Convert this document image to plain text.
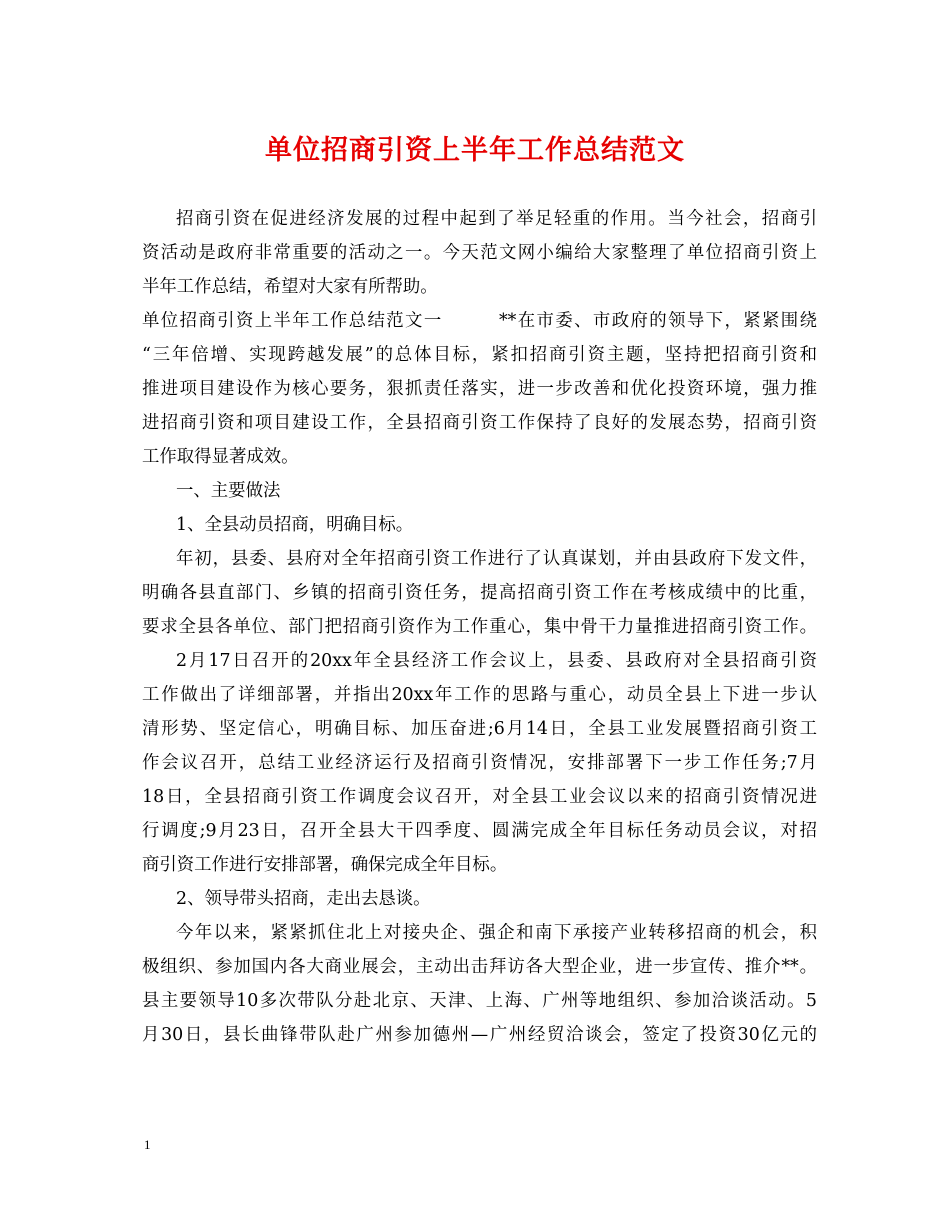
单位招商引资上半年工作总结范文
招商引资在促进经济发展的过程中起到了举足轻重的作用。当今社会，招商引
资活动是政府非常重要的活动之一。今天范文网小编给大家整理了单位招商引资上
半年工作总结，希望对大家有所帮助。
单位招商引资上半年工作总结范文一　　　**在市委、市政府的领导下，紧紧围绕
“三年倍增、实现跨越发展”的总体目标，紧扣招商引资主题，坚持把招商引资和
推进项目建设作为核心要务，狠抓责任落实，进一步改善和优化投资环境，强力推
进招商引资和项目建设工作，全县招商引资工作保持了良好的发展态势，招商引资
工作取得显著成效。
一、主要做法
1、全县动员招商，明确目标。
年初，县委、县府对全年招商引资工作进行了认真谋划，并由县政府下发文件，
明确各县直部门、乡镇的招商引资任务，提高招商引资工作在考核成绩中的比重，
要求全县各单位、部门把招商引资作为工作重心，集中骨干力量推进招商引资工作。
2月17日召开的20xx年全县经济工作会议上，县委、县政府对全县招商引资
工作做出了详细部署，并指出20xx年工作的思路与重心，动员全县上下进一步认
清形势、坚定信心，明确目标、加压奋进;6月14日，全县工业发展暨招商引资工
作会议召开，总结工业经济运行及招商引资情况，安排部署下一步工作任务;7月
18日，全县招商引资工作调度会议召开，对全县工业会议以来的招商引资情况进
行调度;9月23日，召开全县大干四季度、圆满完成全年目标任务动员会议，对招
商引资工作进行安排部署，确保完成全年目标。
2、领导带头招商，走出去恳谈。
今年以来，紧紧抓住北上对接央企、强企和南下承接产业转移招商的机会，积
极组织、参加国内各大商业展会，主动出击拜访各大型企业，进一步宣传、推介**。
县主要领导10多次带队分赴北京、天津、上海、广州等地组织、参加洽谈活动。5
月30日，县长曲锋带队赴广州参加德州—广州经贸洽谈会，签定了投资30亿元的
1
